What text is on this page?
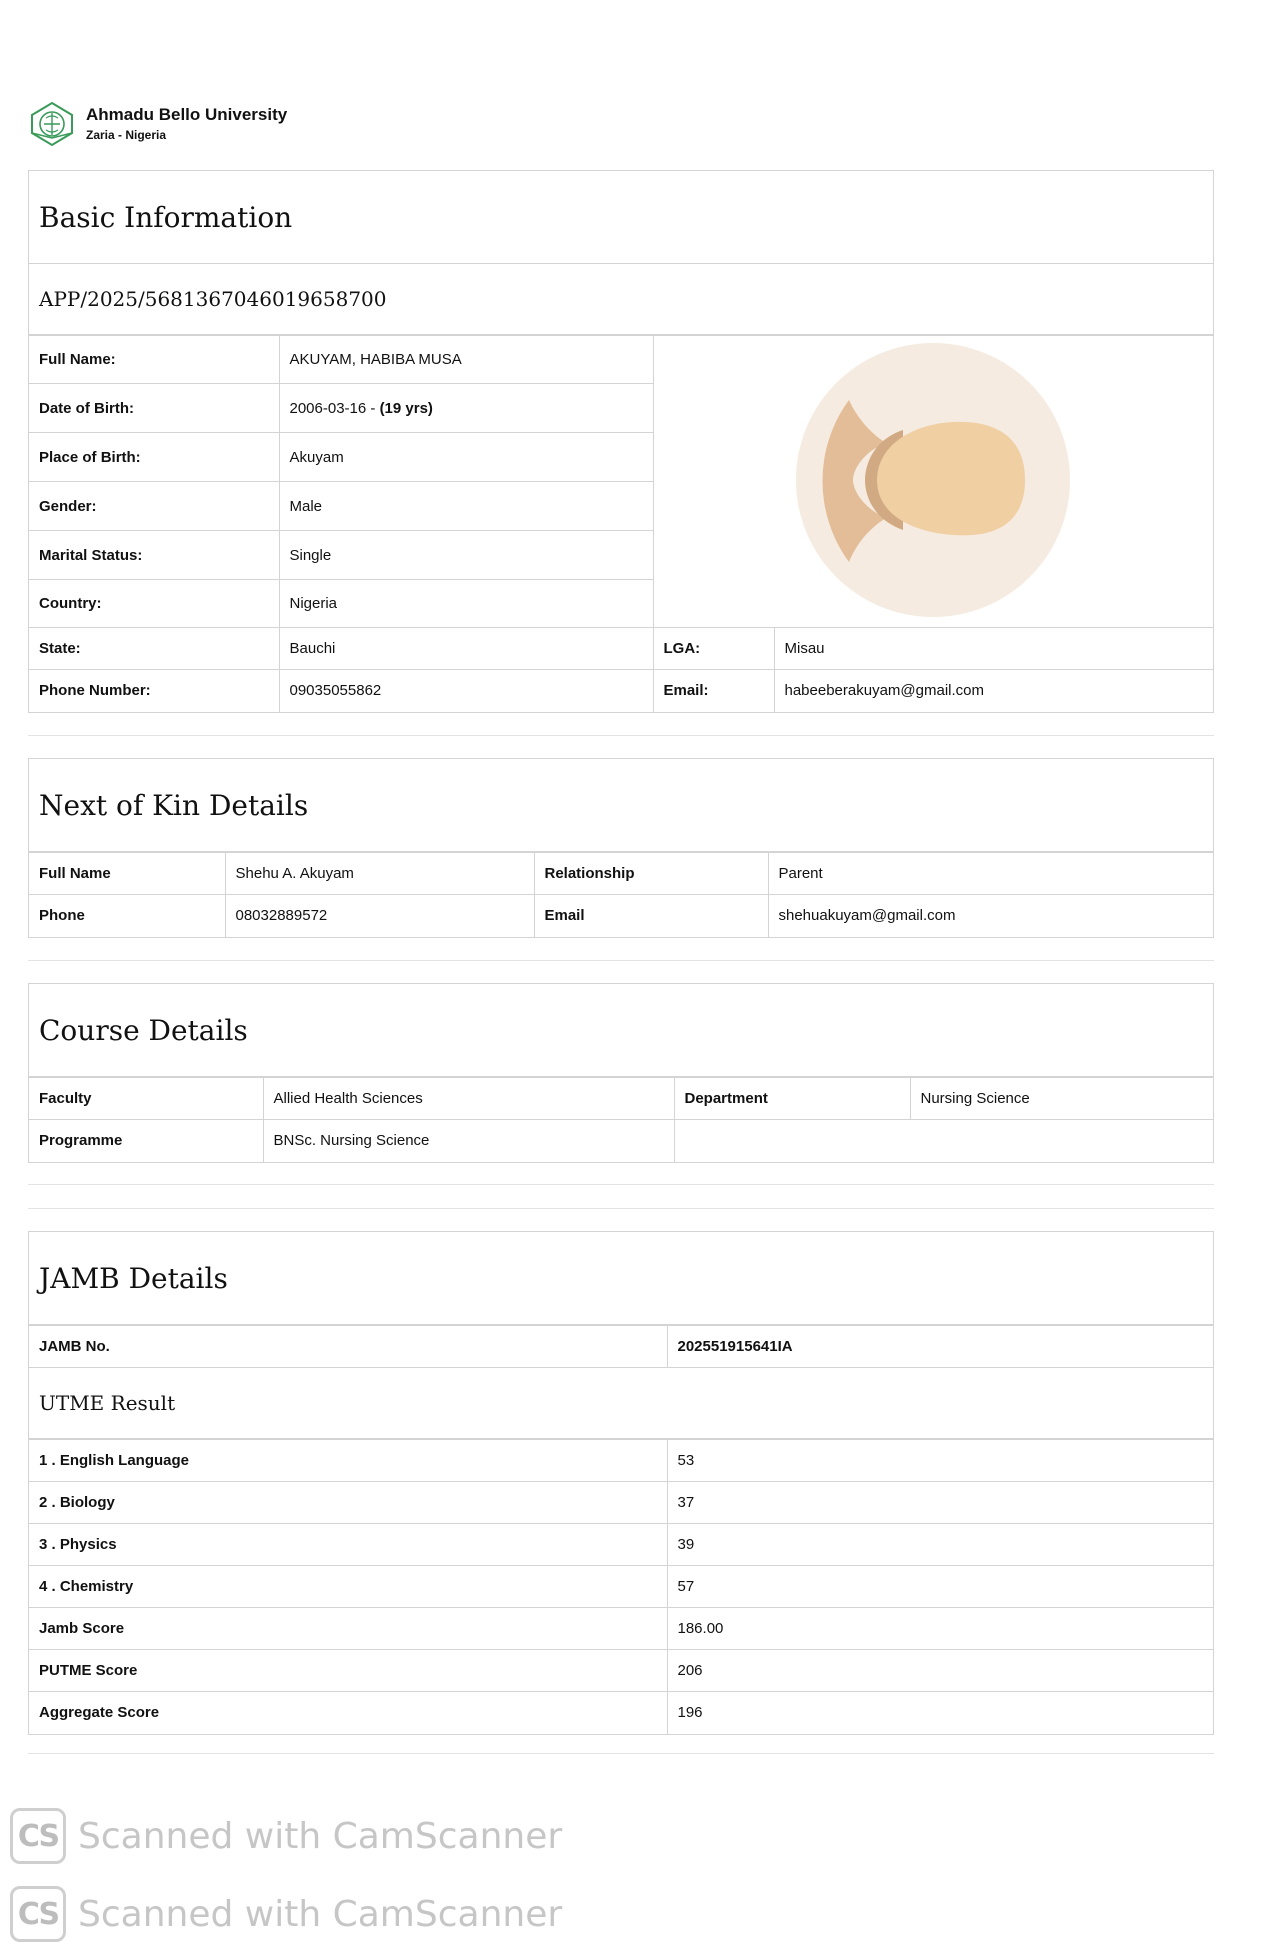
Ahmadu Bello University
Zaria - Nigeria
Basic Information
APP/2025/5681367046019658700
Full Name:	AKUYAM, HABIBA MUSA	
Date of Birth:	2006-03-16 - (19 yrs)		
Place of Birth:	Akuyam		
Gender:	Male		
Marital Status:	Single		
Country:	Nigeria		
State:	Bauchi	LGA:	Misau
Phone Number:	09035055862	Email:	habeeberakuyam@gmail.com
Next of Kin Details
Full Name	Shehu A. Akuyam	Relationship	Parent
Phone	08032889572	Email	shehuakuyam@gmail.com
Course Details
Faculty	Allied Health Sciences	Department	Nursing Science
Programme	BNSc. Nursing Science		
JAMB Details
JAMB No.	202551915641IA
UTME Result
1 . English Language	53
2 . Biology	37
3 . Physics	39
4 . Chemistry	57
Jamb Score	186.00
PUTME Score	206
Aggregate Score	196
CS Scanned with CamScanner
CS Scanned with CamScanner
